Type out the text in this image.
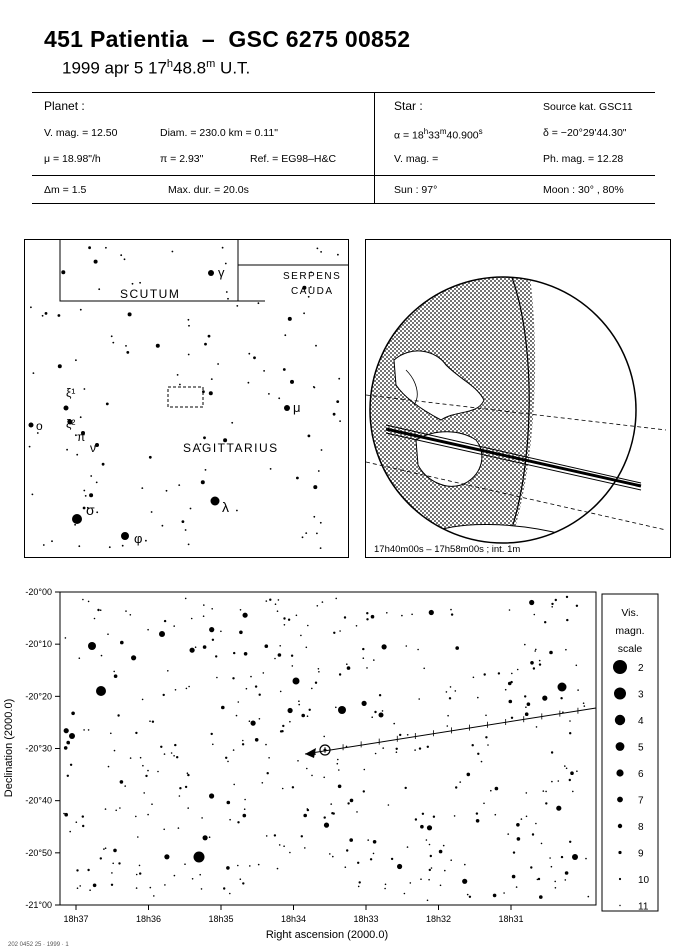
451 Patientia  –  GSC 6275 00852
1999 apr 5 17$^h$48.8$^m$ U.T.
Planet :
V. mag. = 12.50	Diam. = 230.0 km = 0.11"
μ = 18.98"/h	π = 2.93"	Ref. = EG98–H&C
Δm = 1.5	Max. dur. = 20.0s
Star :	Source kat. GSC11
$\alpha = 18^h33^m40.900^s$	δ = −20°29'44.30"
V. mag. =	Ph. mag. = 12.28
Sun : 97°	Moon : 30° , 80%
SCUTUM
SERPENS
CAUDA
SAGITTARIUS
γ
μ
λ
σ
φ
ξ¹
ξ²
o
ν
π
17h40m00s – 17h58m00s ; int. 1m
-20°00
-20°10
-20°20
-20°30
-20°40
-20°50
-21°00
18h37	18h36	18h35	18h34	18h33	18h32	18h31
Right ascension (2000.0)
Declination (2000.0)
Vis.
magn.
scale
2
3
4
5
6
7
8
9
10
11
202 0452 25 · 1999 · 1
